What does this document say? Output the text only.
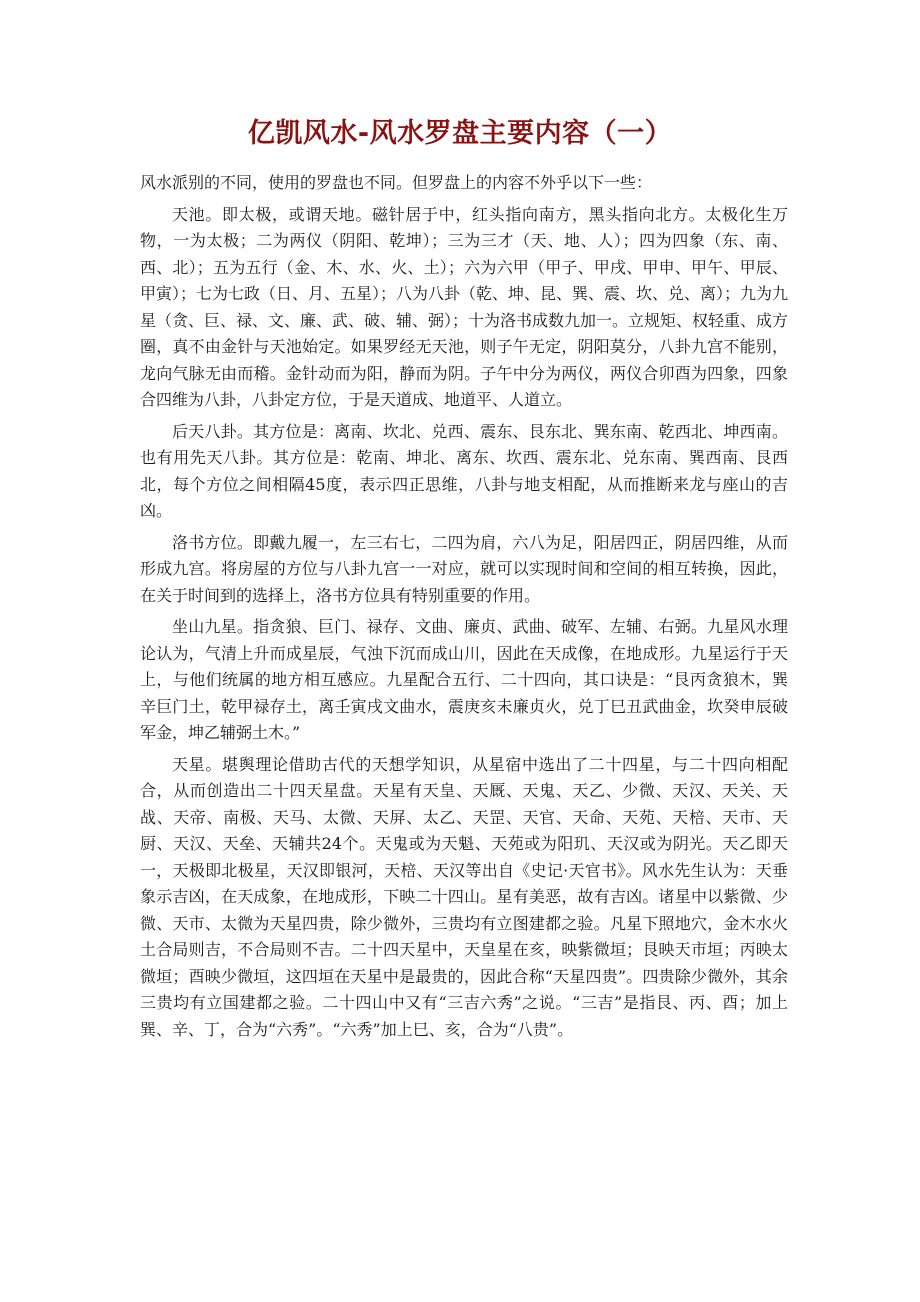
亿凯风水-风水罗盘主要内容（一）

风水派别的不同，使用的罗盘也不同。但罗盘上的内容不外乎以下一些：

天池。即太极，或谓天地。磁针居于中，红头指向南方，黑头指向北方。太极化生万物，一为太极；二为两仪（阴阳、乾坤）；三为三才（天、地、人）；四为四象（东、南、西、北）；五为五行（金、木、水、火、土）；六为六甲（甲子、甲戌、甲申、甲午、甲辰、甲寅）；七为七政（日、月、五星）；八为八卦（乾、坤、昆、巽、震、坎、兑、离）；九为九星（贪、巨、禄、文、廉、武、破、辅、弼）；十为洛书成数九加一。立规矩、权轻重、成方圈，真不由金针与天池始定。如果罗经无天池，则子午无定，阴阳莫分，八卦九宫不能别，龙向气脉无由而稽。金针动而为阳，静而为阴。子午中分为两仪，两仪合卯酉为四象，四象合四维为八卦，八卦定方位，于是天道成、地道平、人道立。

后天八卦。其方位是：离南、坎北、兑西、震东、艮东北、巽东南、乾西北、坤西南。也有用先天八卦。其方位是：乾南、坤北、离东、坎西、震东北、兑东南、巽西南、艮西北，每个方位之间相隔45度，表示四正思维，八卦与地支相配，从而推断来龙与座山的吉凶。

洛书方位。即戴九履一，左三右七，二四为肩，六八为足，阳居四正，阴居四维，从而形成九宫。将房屋的方位与八卦九宫一一对应，就可以实现时间和空间的相互转换，因此，在关于时间到的选择上，洛书方位具有特别重要的作用。

坐山九星。指贪狼、巨门、禄存、文曲、廉贞、武曲、破军、左辅、右弼。九星风水理论认为，气清上升而成星辰，气浊下沉而成山川，因此在天成像，在地成形。九星运行于天上，与他们统属的地方相互感应。九星配合五行、二十四向，其口诀是：“艮丙贪狼木，巽辛巨门土，乾甲禄存土，离壬寅戌文曲水，震庚亥未廉贞火，兑丁巳丑武曲金，坎癸申辰破军金，坤乙辅弼土木。”

天星。堪舆理论借助古代的天想学知识，从星宿中选出了二十四星，与二十四向相配合，从而创造出二十四天星盘。天星有天皇、天厩、天鬼、天乙、少微、天汉、天关、天战、天帝、南极、天马、太微、天屏、太乙、天罡、天官、天命、天苑、天棓、天市、天厨、天汉、天垒、天辅共24个。天鬼或为天魁、天苑或为阳玑、天汉或为阴光。天乙即天一，天极即北极星，天汉即银河，天棓、天汉等出自《史记·天官书》。风水先生认为：天垂象示吉凶，在天成象，在地成形，下映二十四山。星有美恶，故有吉凶。诸星中以紫微、少微、天市、太微为天星四贵，除少微外，三贵均有立图建都之验。凡星下照地穴，金木水火土合局则吉，不合局则不吉。二十四天星中，天皇星在亥，映紫微垣；艮映天市垣；丙映太微垣；酉映少微垣，这四垣在天星中是最贵的，因此合称“天星四贵”。四贵除少微外，其余三贵均有立国建都之验。二十四山中又有“三吉六秀”之说。“三吉”是指艮、丙、酉；加上巽、辛、丁，合为“六秀”。“六秀”加上巳、亥，合为“八贵”。
